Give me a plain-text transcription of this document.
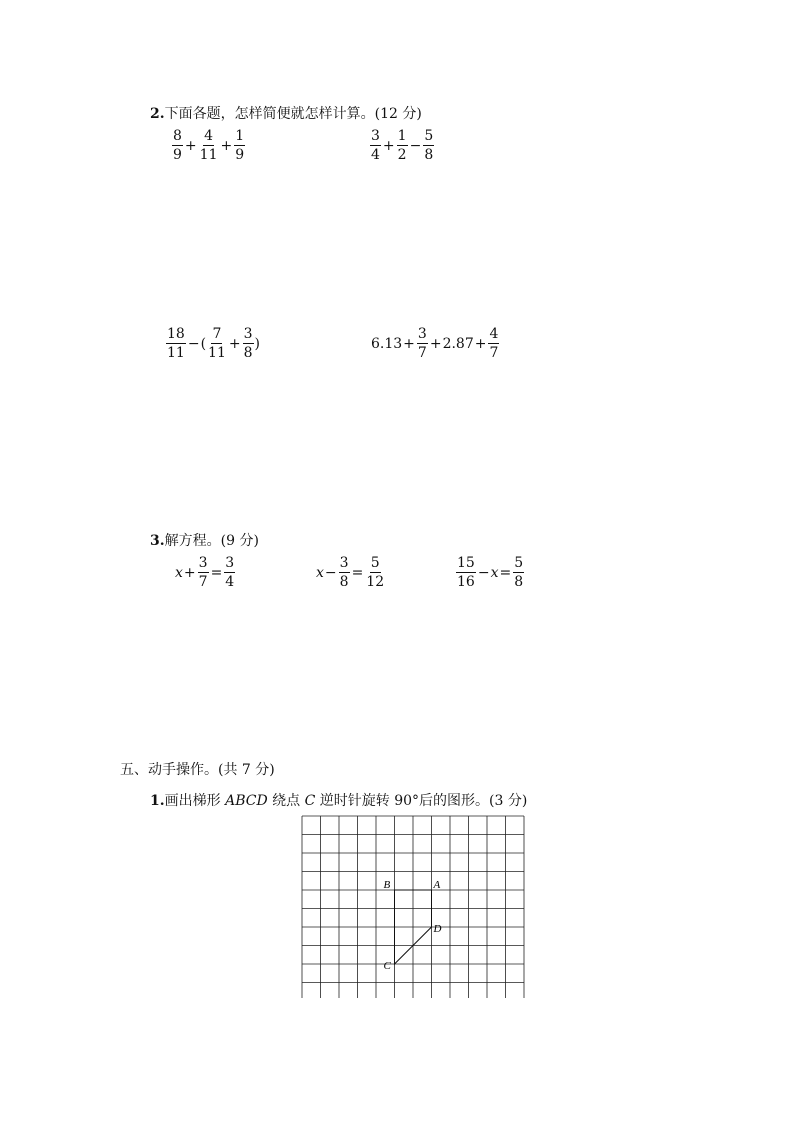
2.下面各题，怎样简便就怎样计算。(12 分)
$\frac{8}{9} + \frac{4}{11} + \frac{1}{9}$	$\frac{3}{4} + \frac{1}{2} - \frac{5}{8}$
$\frac{18}{11}$ − ( $\frac{7}{11} + \frac{3}{8}$ )	$6.13 + \frac{3}{7} + 2.87 + \frac{4}{7}$
3.解方程。(9 分)
$x + \frac{3}{7} = \frac{3}{4}$	$x - \frac{3}{8} = \frac{5}{12}$	$\frac{15}{16} - x = \frac{5}{8}$
五、动手操作。(共 7 分)
1.画出梯形 ABCD 绕点 C 逆时针旋转 90°后的图形。(3 分)
A
B
C
D
